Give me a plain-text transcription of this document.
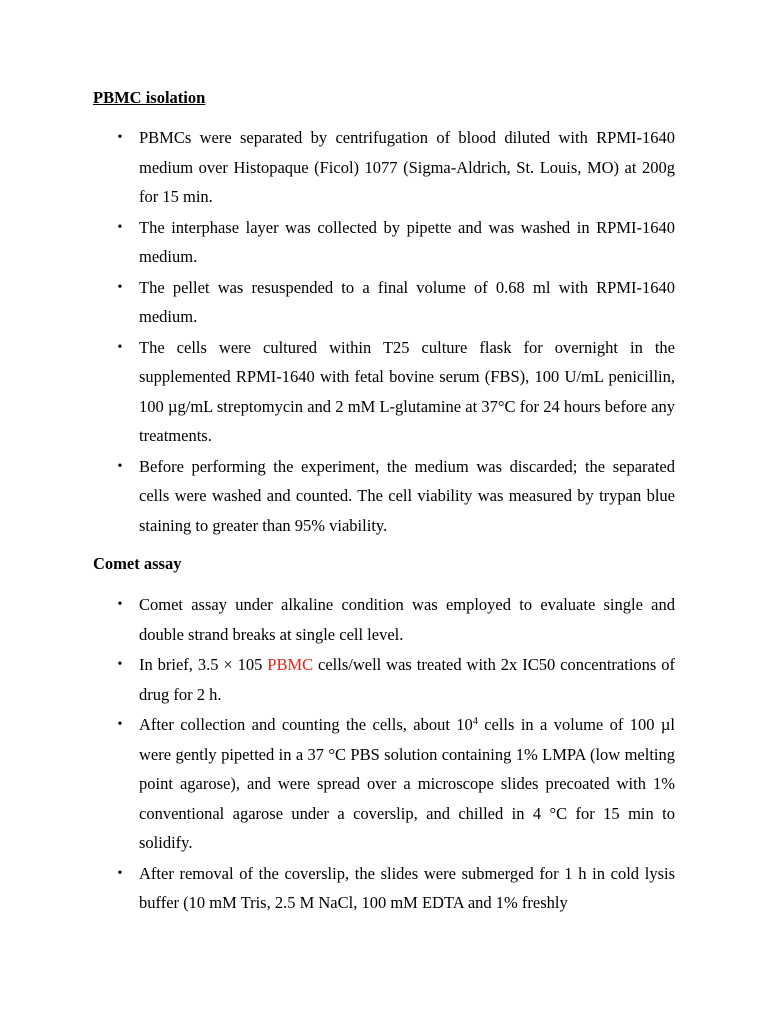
PBMC isolation
• PBMCs were separated by centrifugation of blood diluted with RPMI-1640 medium over Histopaque (Ficol) 1077 (Sigma-Aldrich, St. Louis, MO) at 200g for 15 min.
• The interphase layer was collected by pipette and was washed in RPMI-1640 medium.
• The pellet was resuspended to a final volume of 0.68 ml with RPMI-1640 medium.
• The cells were cultured within T25 culture flask for overnight in the supplemented RPMI-1640 with fetal bovine serum (FBS), 100 U/mL penicillin, 100 µg/mL streptomycin and 2 mM L-glutamine at 37°C for 24 hours before any treatments.
• Before performing the experiment, the medium was discarded; the separated cells were washed and counted. The cell viability was measured by trypan blue staining to greater than 95% viability.
Comet assay
• Comet assay under alkaline condition was employed to evaluate single and double strand breaks at single cell level.
• In brief, 3.5 × 105 PBMC cells/well was treated with 2x IC50 concentrations of drug for 2 h.
• After collection and counting the cells, about $10^4$ cells in a volume of 100 µl were gently pipetted in a 37 °C PBS solution containing 1% LMPA (low melting point agarose), and were spread over a microscope slides precoated with 1% conventional agarose under a coverslip, and chilled in 4 °C for 15 min to solidify.
• After removal of the coverslip, the slides were submerged for 1 h in cold lysis buffer (10 mM Tris, 2.5 M NaCl, 100 mM EDTA and 1% freshly
